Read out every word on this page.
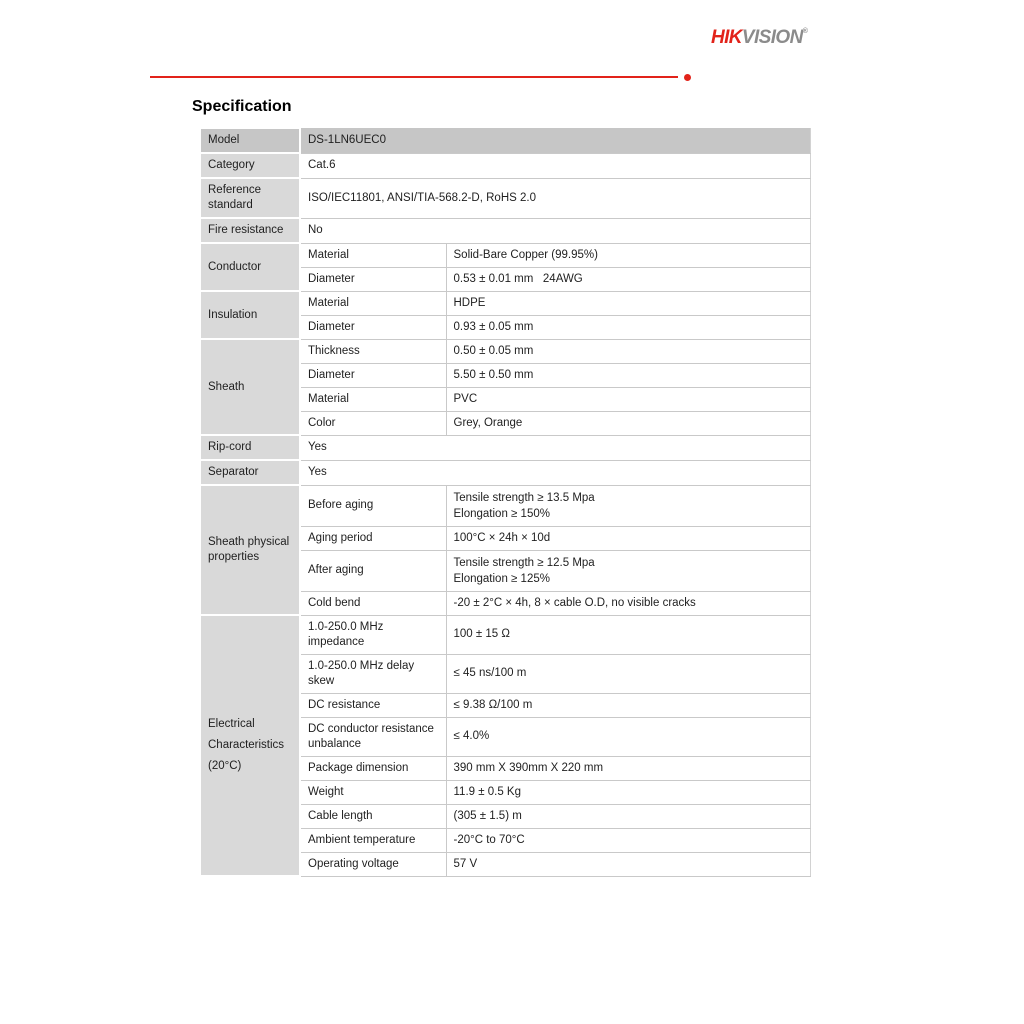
HIKVISION®
Specification
Model	DS-1LN6UEC0	
Category	Cat.6	
Reference standard	ISO/IEC11801, ANSI/TIA-568.2-D, RoHS 2.0	
Fire resistance	No	
Conductor	Material	Solid-Bare Copper (99.95%)
	Diameter	0.53 ± 0.01 mm   24AWG
Insulation	Material	HDPE
	Diameter	0.93 ± 0.05 mm
Sheath	Thickness	0.50 ± 0.05 mm
	Diameter	5.50 ± 0.50 mm
	Material	PVC
	Color	Grey, Orange
Rip-cord	Yes	
Separator	Yes	
Sheath physical properties	Before aging	Tensile strength ≥ 13.5 Mpa
Elongation ≥ 150%

	Aging period	100°C × 24h × 10d
	After aging	Tensile strength ≥ 12.5 Mpa
Elongation ≥ 125%

	Cold bend	-20 ± 2°C × 4h, 8 × cable O.D, no visible cracks
Electrical Characteristics (20°C)	1.0-250.0 MHz impedance	100 ± 15 Ω
	1.0-250.0 MHz delay skew	≤ 45 ns/100 m
	DC resistance	≤ 9.38 Ω/100 m
	DC conductor resistance unbalance	≤ 4.0%
	Package dimension	390 mm X 390mm X 220 mm
	Weight	11.9 ± 0.5 Kg
	Cable length	(305 ± 1.5) m
	Ambient temperature	-20°C to 70°C
	Operating voltage	57 V
